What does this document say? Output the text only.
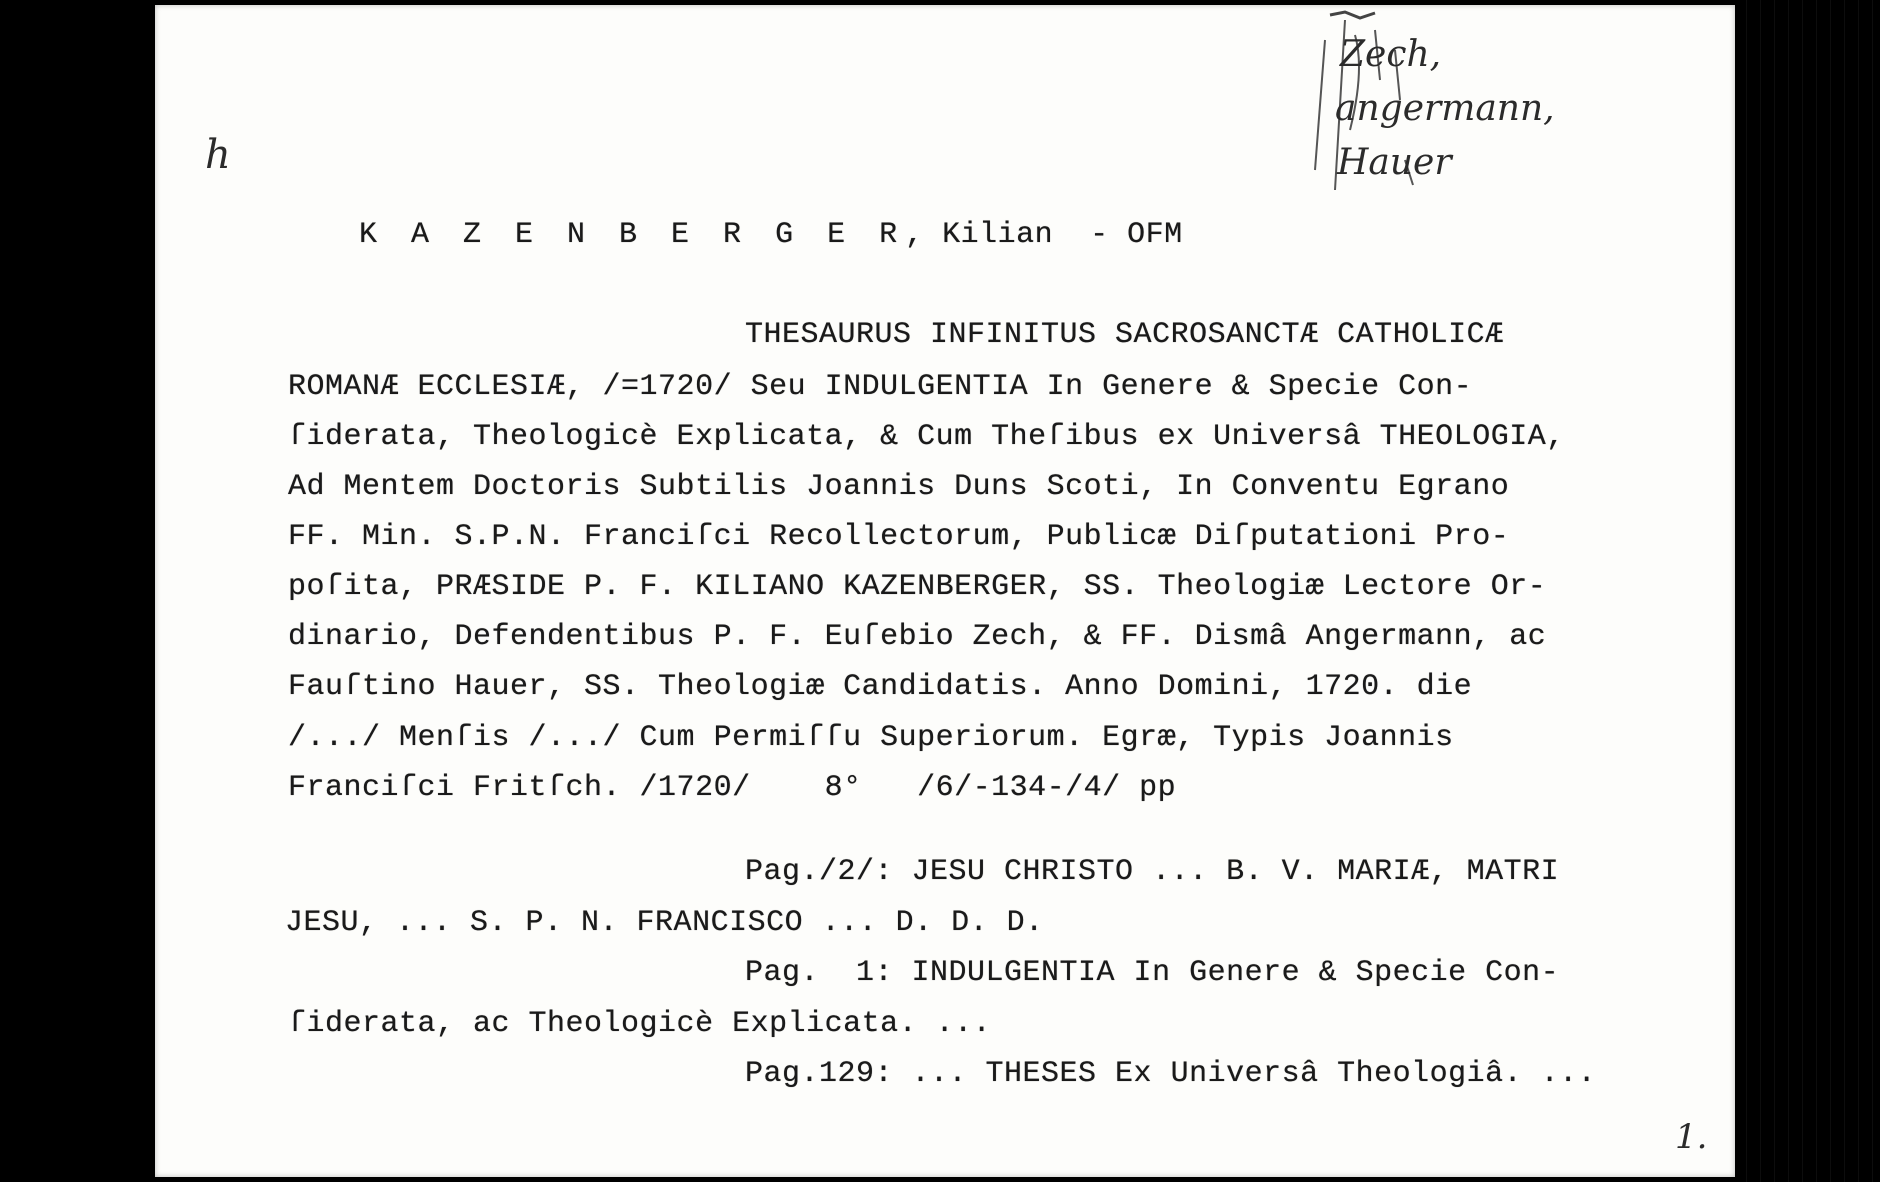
h

K A Z E N B E R G E R, Kilian - OFM

Zech,
angermann,
Hauer
THESAURUS INFINITUS SACROSANCTÆ CATHOLICÆ
ROMANÆ ECCLESIÆ, /=1720/ Seu INDULGENTIA In Genere & Specie Con-
ſiderata, Theologicè Explicata, & Cum Theſibus ex Universâ THEOLOGIA,
Ad Mentem Doctoris Subtilis Joannis Duns Scoti, In Conventu Egrano
FF. Min. S.P.N. Franciſci Recollectorum, Publicæ Diſputationi Pro-
poſita, PRÆSIDE P. F. KILIANO KAZENBERGER, SS. Theologiæ Lectore Or-
dinario, Defendentibus P. F. Euſebio Zech, & FF. Dismâ Angermann, ac
Fauſtino Hauer, SS. Theologiæ Candidatis. Anno Domini, 1720. die
/.../ Menſis /.../ Cum Permiſſu Superiorum. Egræ, Typis Joannis
Franciſci Fritſch. /1720/    8°   /6/-134-/4/ pp
Pag./2/: JESU CHRISTO ... B. V. MARIÆ, MATRI
JESU, ... S. P. N. FRANCISCO ... D. D. D.
Pag.  1: INDULGENTIA In Genere & Specie Con-
ſiderata, ac Theologicè Explicata. ...
Pag.129: ... THESES Ex Universâ Theologiâ. ...
1.
